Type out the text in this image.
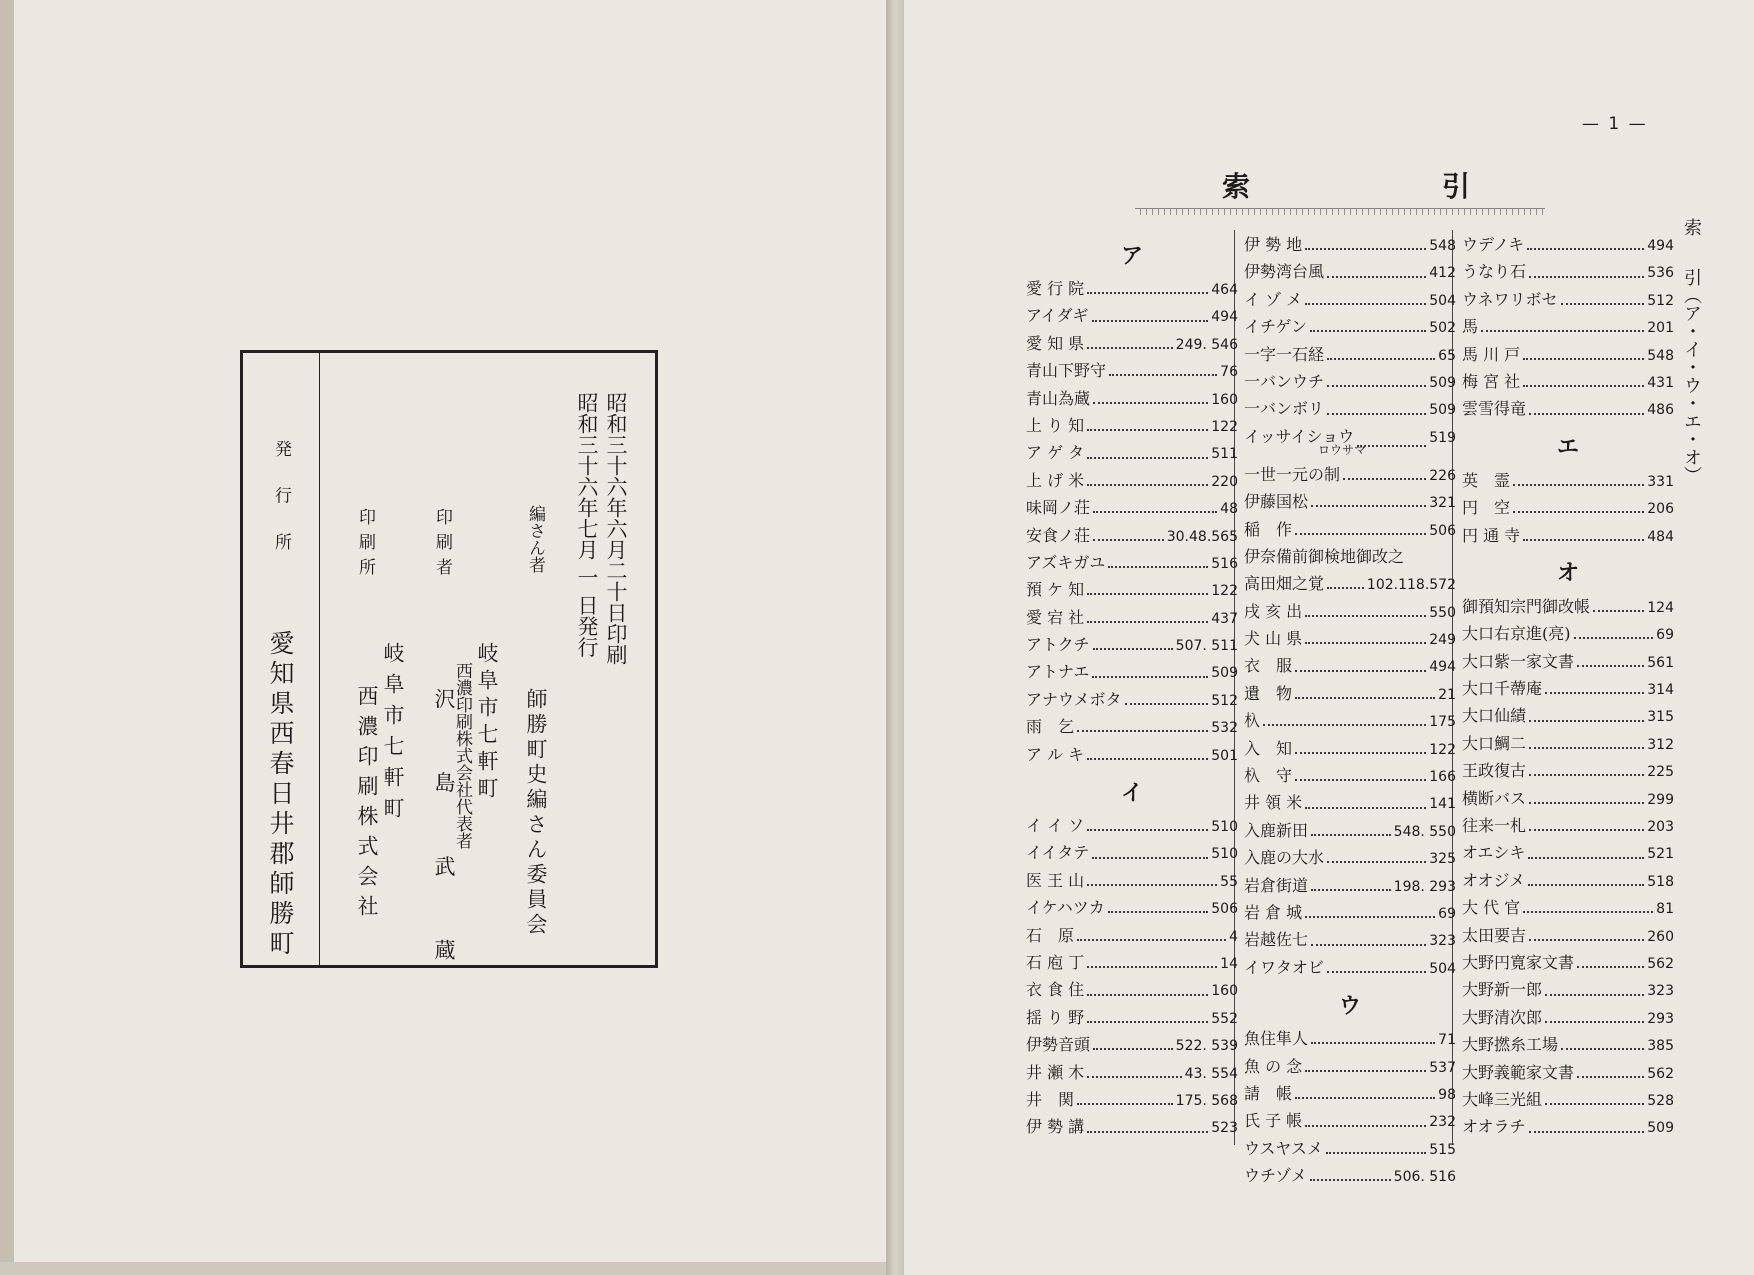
昭和三十六年六月二十日印刷
昭和三十六年七月 一 日発行
編さん者
師勝町史編さん委員会
印刷者
岐阜市七軒町
西濃印刷株式会社代表者
沢 島 武 蔵
印刷所
岐阜市七軒町
西濃印刷株式会社
発 行 所
愛知県西春日井郡師勝町
— 1 —
索	引
索
引（ア・イ・ウ・エ・オ）
ア
愛 行 院	464
アイダギ	494
愛 知 県	249. 546
青山下野守	76
青山為蔵	160
上 り 知	122
ア ゲ タ	511
上 げ 米	220
味岡ノ荘	48
安食ノ荘	30.48.565
アズキガユ	516
預 ケ 知	122
愛 宕 社	437
アトクチ	507. 511
アトナエ	509
アナウメボタ	512
雨　乞	532
ア ル キ	501
イ
イ イ ソ	510
イイタテ	510
医 王 山	55
イケハツカ	506
石　原	4
石 庖 丁	14
衣 食 住	160
揺 り 野	552
伊勢音頭	522. 539
井 瀬 木	43. 554
井　関	175. 568
伊 勢 講	523
伊 勢 地	548
伊勢湾台風	412
イ ゾ メ	504
イチゲン	502
一字一石経	65
一バンウチ	509
一バンボリ	509
イッサイショウ	519
ロウサマ
一世一元の制	226
伊藤国松	321
稲　作	506
伊奈備前御検地御改之
高田畑之覚	102.118.572
戌 亥 出	550
犬 山 県	249
衣　服	494
遺　物	21
杁	175
入　知	122
杁　守	166
井 領 米	141
入鹿新田	548. 550
入鹿の大水	325
岩倉街道	198. 293
岩 倉 城	69
岩越佐七	323
イワタオビ	504
ウ
魚住隼人	71
魚 の 念	537
請　帳	98
氏 子 帳	232
ウスヤスメ	515
ウチゾメ	506. 516
ウデノキ	494
うなり石	536
ウネワリボセ	512
馬	201
馬 川 戸	548
梅 宮 社	431
雲雪得竜	486
エ
英　霊	331
円　空	206
円 通 寺	484
オ
御預知宗門御改帳	124
大口右京進(亮)	69
大口紫一家文書	561
大口千蔕庵	314
大口仙績	315
大口鯛二	312
王政復古	225
横断バス	299
往来一札	203
オエシキ	521
オオジメ	518
大 代 官	81
太田要吉	260
大野円寛家文書	562
大野新一郎	323
大野清次郎	293
大野撚糸工場	385
大野義範家文書	562
大峰三光組	528
オオラチ	509
